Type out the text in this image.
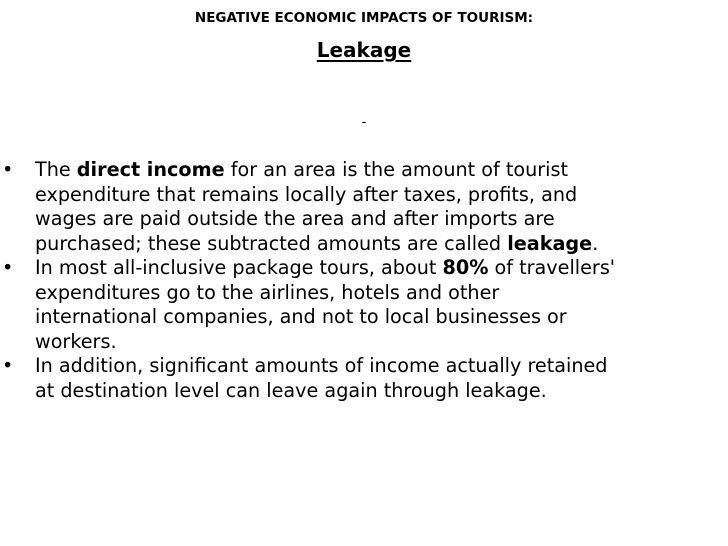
NEGATIVE ECONOMIC IMPACTS OF TOURISM:
Leakage
-
• The direct income for an area is the amount of tourist
expenditure that remains locally after taxes, profits, and
wages are paid outside the area and after imports are
purchased; these subtracted amounts are called leakage.
• In most all-inclusive package tours, about 80% of travellers'
expenditures go to the airlines, hotels and other
international companies, and not to local businesses or
workers.
• In addition, significant amounts of income actually retained
at destination level can leave again through leakage.
